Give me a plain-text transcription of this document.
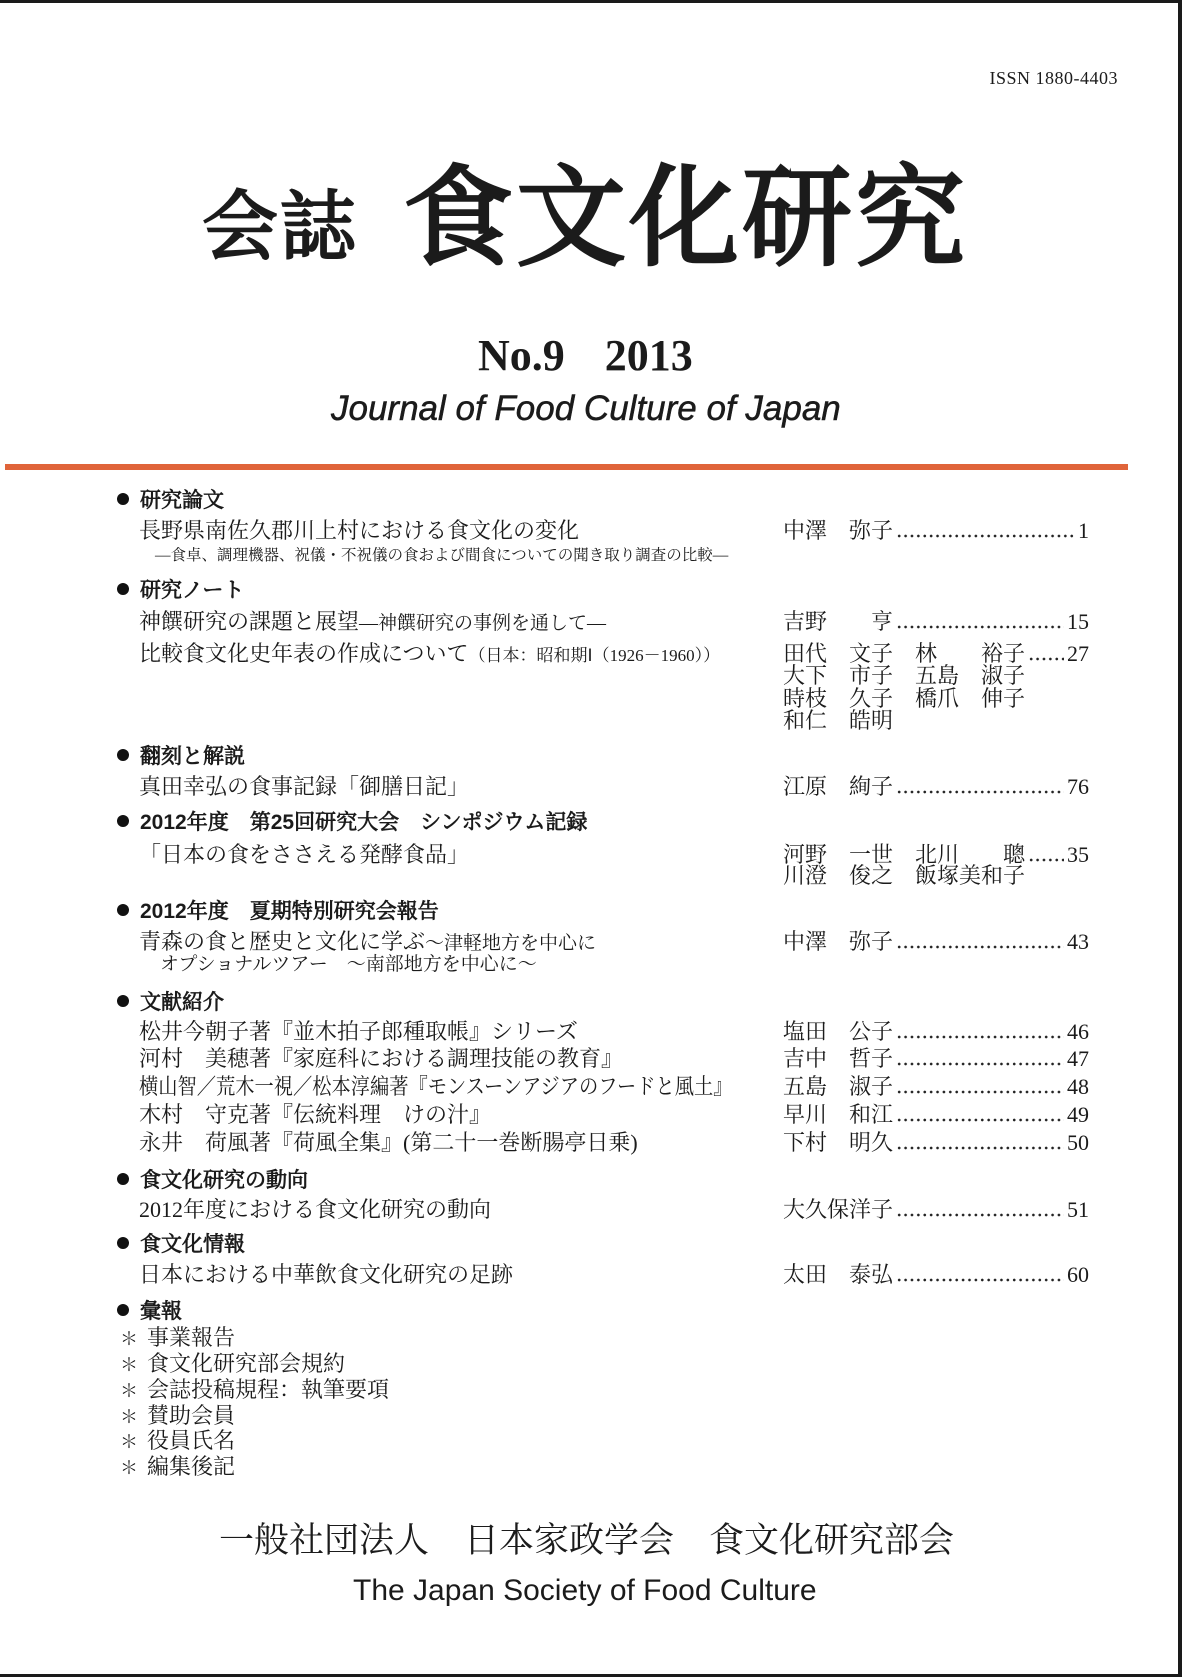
ISSN 1880-4403
会誌 食文化研究
No.9 2013
Journal of Food Culture of Japan
研究論文
長野県南佐久郡川上村における食文化の変化	中澤　弥子	1
—食卓、調理機器、祝儀・不祝儀の食および間食についての聞き取り調査の比較—
研究ノート
神饌研究の課題と展望—神饌研究の事例を通して—	吉野　　亨	15
比較食文化史年表の作成について（日本：昭和期Ⅰ（1926－1960））	田代　文子　林　　裕子 27
大下　市子　五島　淑子
時枝　久子　橋爪　伸子
和仁　皓明
翻刻と解説
真田幸弘の食事記録「御膳日記」	江原　絢子	76
2012年度　第25回研究大会　シンポジウム記録
「日本の食をささえる発酵食品」	河野　一世　北川　　聰 35
川澄　俊之　飯塚美和子
2012年度　夏期特別研究会報告
青森の食と歴史と文化に学ぶ～津軽地方を中心に	中澤　弥子	43
オプショナルツアー　～南部地方を中心に～
文献紹介
松井今朝子著『並木拍子郎種取帳』シリーズ	塩田　公子	46
河村　美穂著『家庭科における調理技能の教育』	吉中　哲子	47
横山智／荒木一視／松本淳編著『モンスーンアジアのフードと風土』 五島　淑子	48
木村　守克著『伝統料理　けの汁』	早川　和江	49
永井　荷風著『荷風全集』(第二十一巻断腸亭日乗)	下村　明久	50
食文化研究の動向
2012年度における食文化研究の動向	大久保洋子	51
食文化情報
日本における中華飲食文化研究の足跡	太田　泰弘	60
彙報
＊ 事業報告
＊ 食文化研究部会規約
＊ 会誌投稿規程：執筆要項
＊ 賛助会員
＊ 役員氏名
＊ 編集後記
一般社団法人　日本家政学会　食文化研究部会
The Japan Society of Food Culture
